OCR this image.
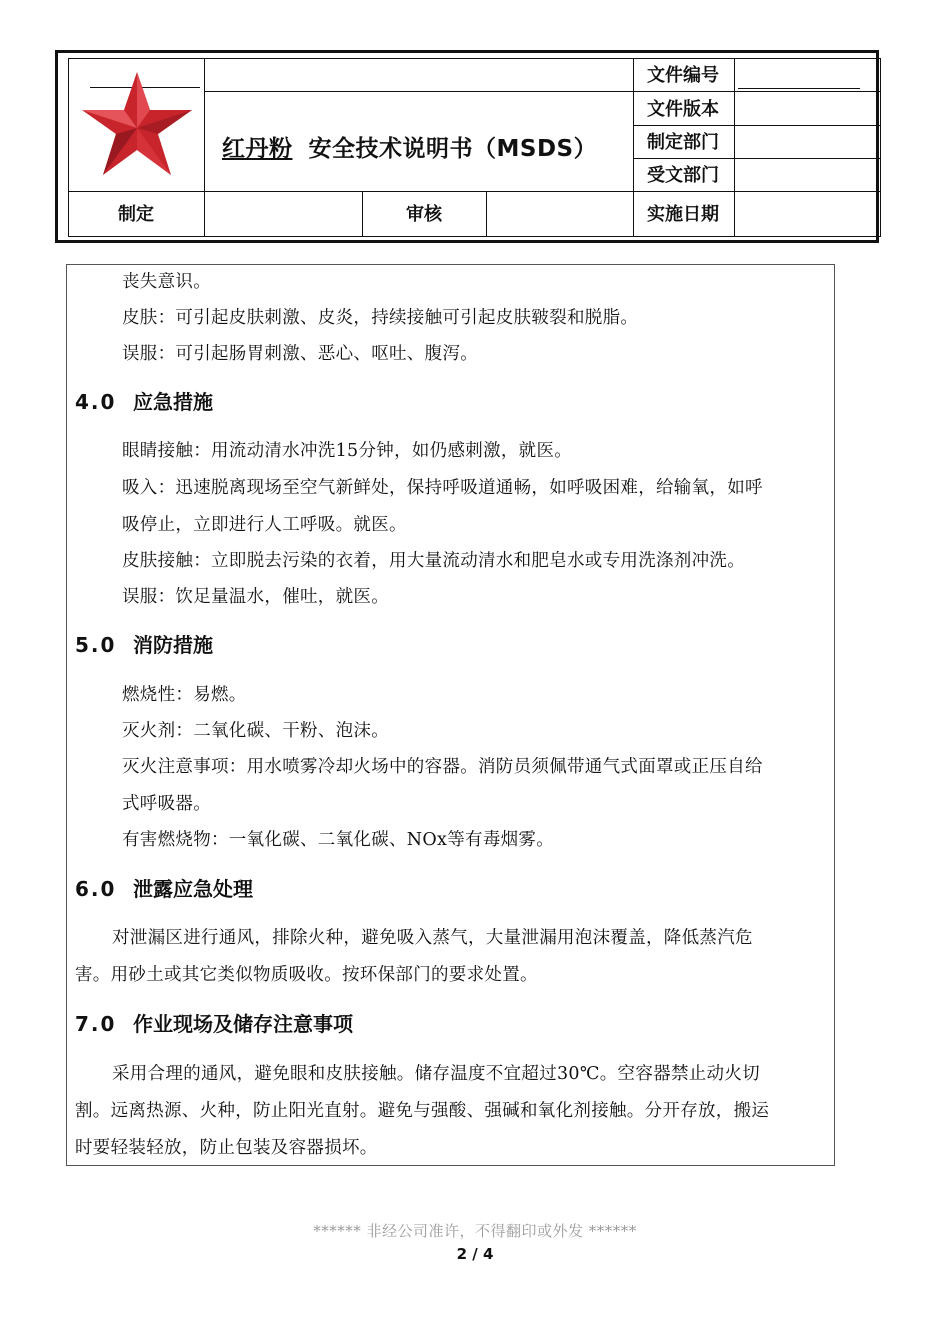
红丹粉 安全技术说明书（MSDS）
文件编号
文件版本
制定部门
受文部门
制定	审核	实施日期
丧失意识。
皮肤：可引起皮肤刺激、皮炎，持续接触可引起皮肤皲裂和脱脂。
误服：可引起肠胃刺激、恶心、呕吐、腹泻。
4.0 应急措施
眼睛接触：用流动清水冲洗15分钟，如仍感刺激，就医。
吸入：迅速脱离现场至空气新鲜处，保持呼吸道通畅，如呼吸困难，给输氧，如呼
吸停止，立即进行人工呼吸。就医。
皮肤接触：立即脱去污染的衣着，用大量流动清水和肥皂水或专用洗涤剂冲洗。
误服：饮足量温水，催吐，就医。
5.0 消防措施
燃烧性：易燃。
灭火剂：二氧化碳、干粉、泡沫。
灭火注意事项：用水喷雾冷却火场中的容器。消防员须佩带通气式面罩或正压自给
式呼吸器。
有害燃烧物：一氧化碳、二氧化碳、NOx等有毒烟雾。
6.0 泄露应急处理
对泄漏区进行通风，排除火种，避免吸入蒸气，大量泄漏用泡沫覆盖，降低蒸汽危
害。用砂土或其它类似物质吸收。按环保部门的要求处置。
7.0 作业现场及储存注意事项
采用合理的通风，避免眼和皮肤接触。储存温度不宜超过30℃。空容器禁止动火切
割。远离热源、火种，防止阳光直射。避免与强酸、强碱和氧化剂接触。分开存放，搬运
时要轻装轻放，防止包装及容器损坏。
****** 非经公司准许，不得翻印或外发 ******
2 / 4
